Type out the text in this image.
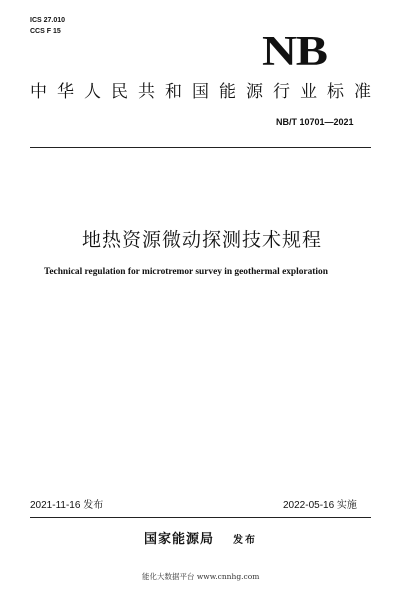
ICS 27.010
CCS F 15	NB
中华人民共和国能源行业标准
NB/T 10701—2021
地热资源微动探测技术规程
Technical regulation for microtremor survey in geothermal exploration
2021-11-16 发布	2022-05-16 实施
国家能源局 发布
能化大数据平台 www.cnnhg.com
